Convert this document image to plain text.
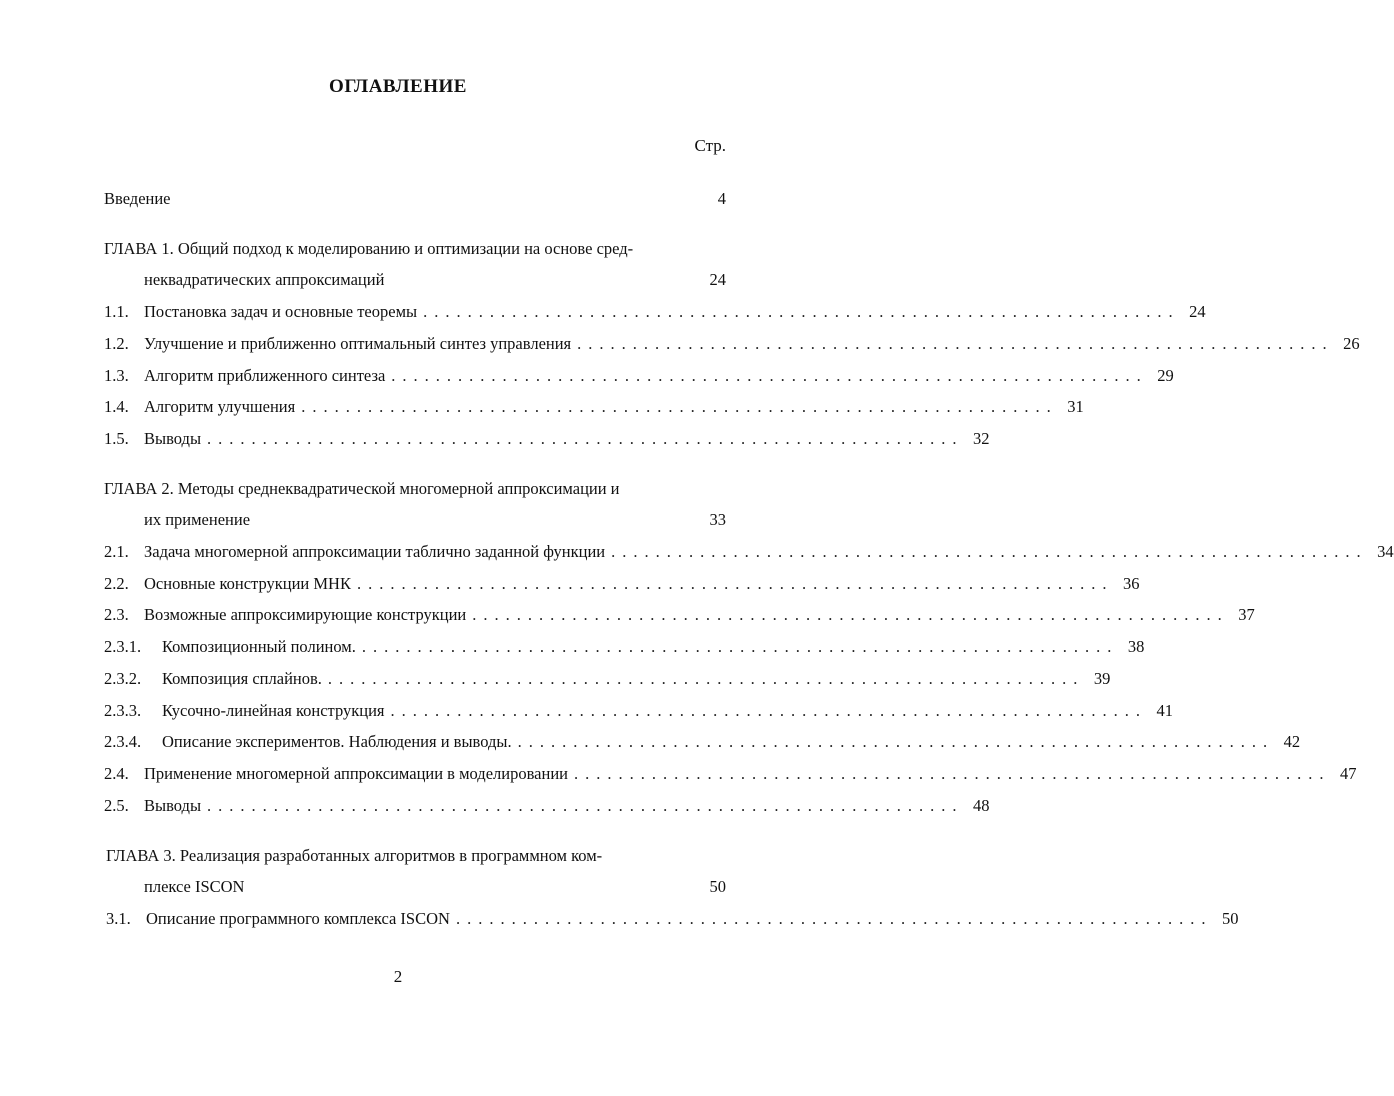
ОГЛАВЛЕНИЕ
Стр.
Введение	4
ГЛАВА 1. Общий подход к моделированию и оптимизации на основе сред-
неквадратических аппроксимаций	24
1.1. Постановка задач и основные теоремы .................................................................... 24
1.2. Улучшение и приближенно оптимальный синтез управления .................................................................... 26
1.3. Алгоритм приближенного синтеза .................................................................... 29
1.4. Алгоритм улучшения .................................................................... 31
1.5. Выводы .................................................................... 32
ГЛАВА 2. Методы среднеквадратической многомерной аппроксимации и
их применение	33
2.1. Задача многомерной аппроксимации таблично заданной функции .................................................................... 34
2.2. Основные конструкции МНК .................................................................... 36
2.3. Возможные аппроксимирующие конструкции .................................................................... 37
2.3.1.	Композиционный полином. .................................................................... 38
2.3.2.	Композиция сплайнов. .................................................................... 39
2.3.3.	Кусочно-линейная конструкция .................................................................... 41
2.3.4.	Описание экспериментов. Наблюдения и выводы. .................................................................... 42
2.4. Применение многомерной аппроксимации в моделировании .................................................................... 47
2.5. Выводы .................................................................... 48
ГЛАВА 3. Реализация разработанных алгоритмов в программном ком-
плексе ISCON	50
3.1. Описание программного комплекса ISCON .................................................................... 50
2
